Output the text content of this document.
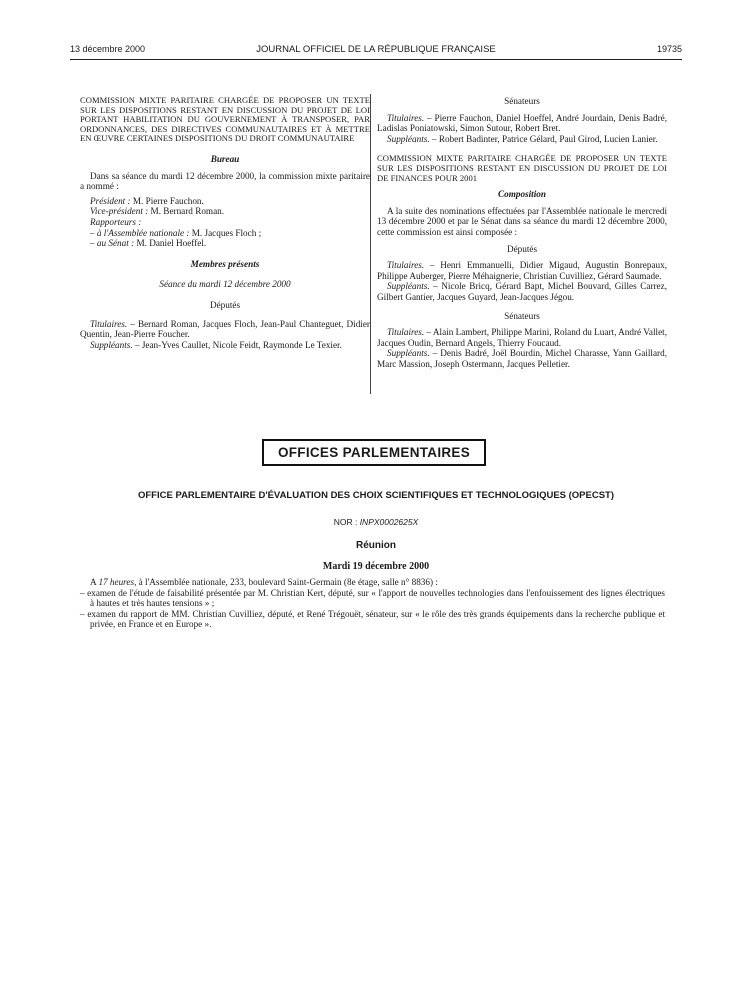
13 décembre 2000	JOURNAL OFFICIEL DE LA RÉPUBLIQUE FRANÇAISE	19735

COMMISSION MIXTE PARITAIRE CHARGÉE DE PROPOSER UN TEXTE SUR LES DISPOSITIONS RESTANT EN DISCUSSION DU PROJET DE LOI PORTANT HABILITATION DU GOUVERNEMENT À TRANSPOSER, PAR ORDONNANCES, DES DIRECTIVES COMMUNAUTAIRES ET À METTRE EN ŒUVRE CERTAINES DISPOSITIONS DU DROIT COMMUNAUTAIRE

Bureau

Dans sa séance du mardi 12 décembre 2000, la commission mixte paritaire a nommé :

Président : M. Pierre Fauchon.

Vice-président : M. Bernard Roman.

Rapporteurs :

– à l'Assemblée nationale : M. Jacques Floch ;

– au Sénat : M. Daniel Hoeffel.

Membres présents

Séance du mardi 12 décembre 2000

Députés

Titulaires. – Bernard Roman, Jacques Floch, Jean-Paul Chanteguet, Didier Quentin, Jean-Pierre Foucher.

Suppléants. – Jean-Yves Caullet, Nicole Feidt, Raymonde Le Texier.

Sénateurs

Titulaires. – Pierre Fauchon, Daniel Hoeffel, André Jourdain, Denis Badré, Ladislas Poniatowski, Simon Sutour, Robert Bret.

Suppléants. – Robert Badinter, Patrice Gélard, Paul Girod, Lucien Lanier.

COMMISSION MIXTE PARITAIRE CHARGÉE DE PROPOSER UN TEXTE SUR LES DISPOSITIONS RESTANT EN DISCUSSION DU PROJET DE LOI DE FINANCES POUR 2001

Composition

A la suite des nominations effectuées par l'Assemblée nationale le mercredi 13 décembre 2000 et par le Sénat dans sa séance du mardi 12 décembre 2000, cette commission est ainsi composée :

Députés

Titulaires. – Henri Emmanuelli, Didier Migaud, Augustin Bonrepaux, Philippe Auberger, Pierre Méhaignerie, Christian Cuvilliez, Gérard Saumade.

Suppléants. – Nicole Bricq, Gérard Bapt, Michel Bouvard, Gilles Carrez, Gilbert Gantier, Jacques Guyard, Jean-Jacques Jégou.

Sénateurs

Titulaires. – Alain Lambert, Philippe Marini, Roland du Luart, André Vallet, Jacques Oudin, Bernard Angels, Thierry Foucaud.

Suppléants. – Denis Badré, Joël Bourdin, Michel Charasse, Yann Gaillard, Marc Massion, Joseph Ostermann, Jacques Pelletier.

OFFICES PARLEMENTAIRES
OFFICE PARLEMENTAIRE D'ÉVALUATION DES CHOIX SCIENTIFIQUES ET TECHNOLOGIQUES (OPECST)
NOR : INPX0002625X
Réunion
Mardi 19 décembre 2000

A 17 heures, à l'Assemblée nationale, 233, boulevard Saint-Germain (8e étage, salle n° 8836) :

– examen de l'étude de faisabilité présentée par M. Christian Kert, député, sur « l'apport de nouvelles technologies dans l'enfouissement des lignes électriques à hautes et très hautes tensions » ;

– examen du rapport de MM. Christian Cuvilliez, député, et René Trégouët, sénateur, sur « le rôle des très grands équipements dans la recherche publique et privée, en France et en Europe ».
